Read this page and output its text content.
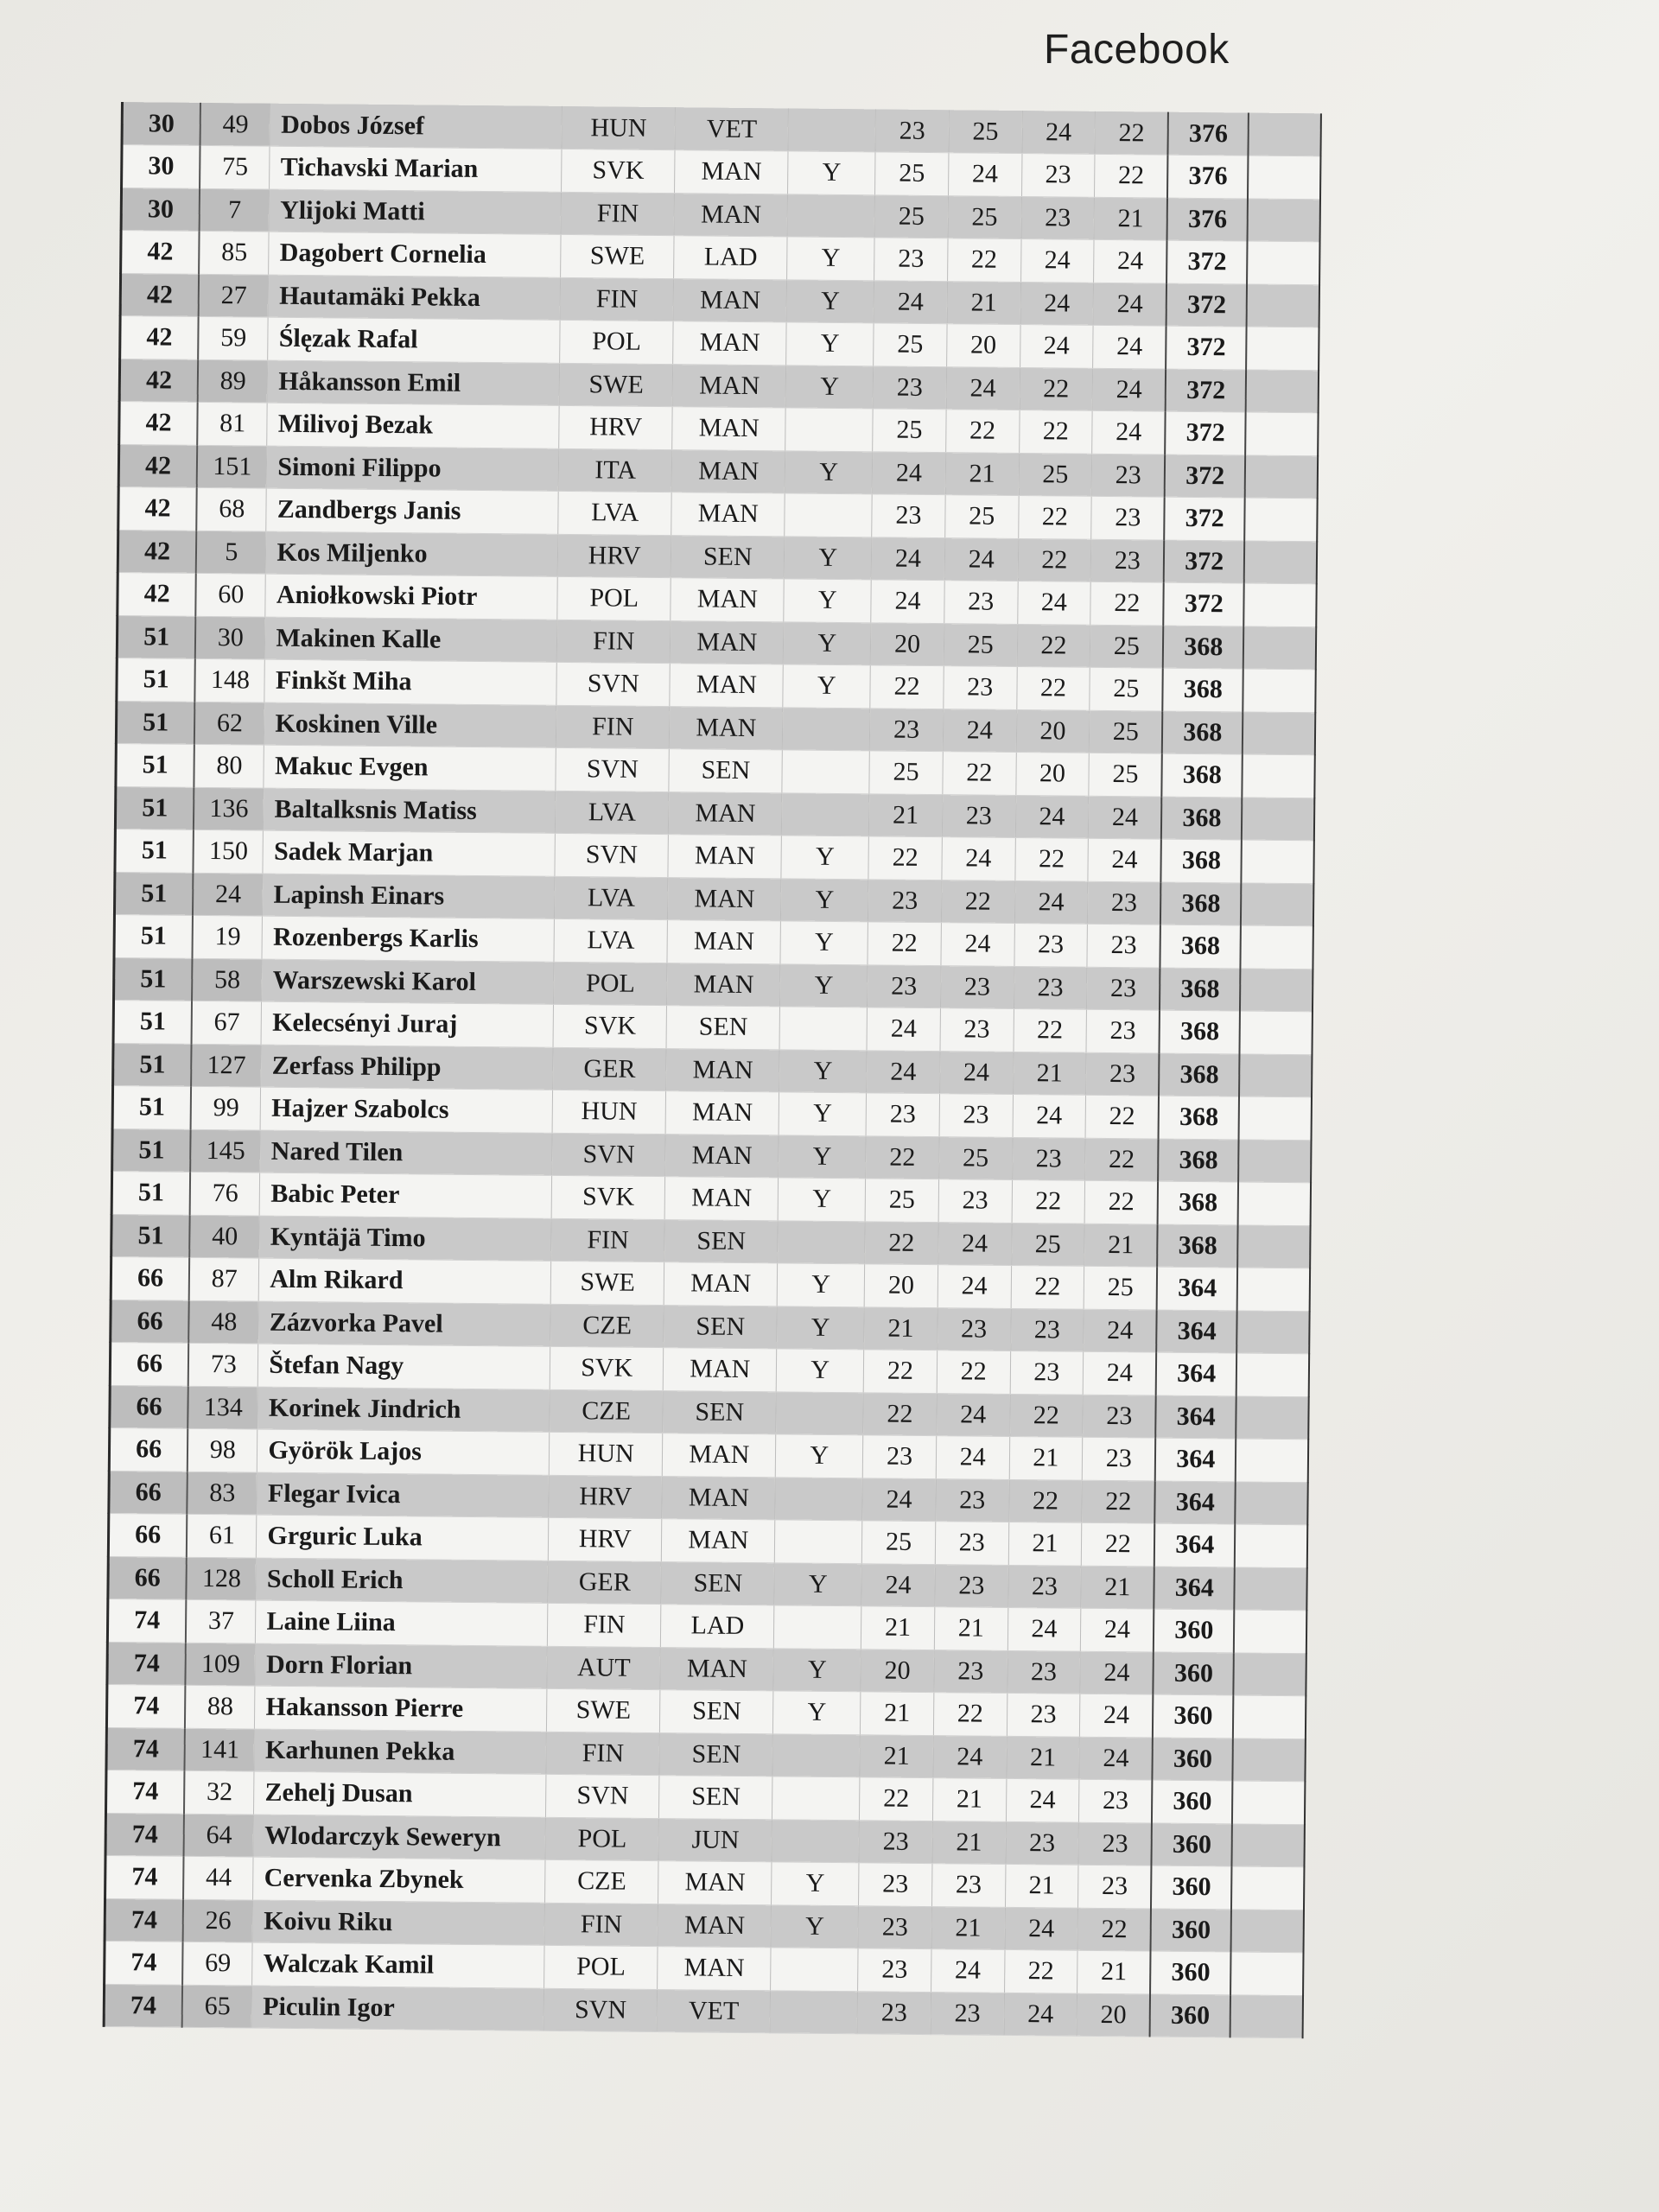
Facebook
30	49	Dobos József	HUN	VET		23	25	24	22	376	
30	75	Tichavski Marian	SVK	MAN	Y	25	24	23	22	376	
30	7	Ylijoki Matti	FIN	MAN		25	25	23	21	376	
42	85	Dagobert Cornelia	SWE	LAD	Y	23	22	24	24	372	
42	27	Hautamäki Pekka	FIN	MAN	Y	24	21	24	24	372	
42	59	Ślęzak Rafal	POL	MAN	Y	25	20	24	24	372	
42	89	Håkansson Emil	SWE	MAN	Y	23	24	22	24	372	
42	81	Milivoj Bezak	HRV	MAN		25	22	22	24	372	
42	151	Simoni Filippo	ITA	MAN	Y	24	21	25	23	372	
42	68	Zandbergs Janis	LVA	MAN		23	25	22	23	372	
42	5	Kos Miljenko	HRV	SEN	Y	24	24	22	23	372	
42	60	Aniołkowski Piotr	POL	MAN	Y	24	23	24	22	372	
51	30	Makinen Kalle	FIN	MAN	Y	20	25	22	25	368	
51	148	Finkšt Miha	SVN	MAN	Y	22	23	22	25	368	
51	62	Koskinen Ville	FIN	MAN		23	24	20	25	368	
51	80	Makuc Evgen	SVN	SEN		25	22	20	25	368	
51	136	Baltalksnis Matiss	LVA	MAN		21	23	24	24	368	
51	150	Sadek Marjan	SVN	MAN	Y	22	24	22	24	368	
51	24	Lapinsh Einars	LVA	MAN	Y	23	22	24	23	368	
51	19	Rozenbergs Karlis	LVA	MAN	Y	22	24	23	23	368	
51	58	Warszewski Karol	POL	MAN	Y	23	23	23	23	368	
51	67	Kelecsényi Juraj	SVK	SEN		24	23	22	23	368	
51	127	Zerfass Philipp	GER	MAN	Y	24	24	21	23	368	
51	99	Hajzer Szabolcs	HUN	MAN	Y	23	23	24	22	368	
51	145	Nared Tilen	SVN	MAN	Y	22	25	23	22	368	
51	76	Babic Peter	SVK	MAN	Y	25	23	22	22	368	
51	40	Kyntäjä Timo	FIN	SEN		22	24	25	21	368	
66	87	Alm Rikard	SWE	MAN	Y	20	24	22	25	364	
66	48	Zázvorka Pavel	CZE	SEN	Y	21	23	23	24	364	
66	73	Štefan Nagy	SVK	MAN	Y	22	22	23	24	364	
66	134	Korinek Jindrich	CZE	SEN		22	24	22	23	364	
66	98	Györök Lajos	HUN	MAN	Y	23	24	21	23	364	
66	83	Flegar Ivica	HRV	MAN		24	23	22	22	364	
66	61	Grguric Luka	HRV	MAN		25	23	21	22	364	
66	128	Scholl Erich	GER	SEN	Y	24	23	23	21	364	
74	37	Laine Liina	FIN	LAD		21	21	24	24	360	
74	109	Dorn Florian	AUT	MAN	Y	20	23	23	24	360	
74	88	Hakansson Pierre	SWE	SEN	Y	21	22	23	24	360	
74	141	Karhunen Pekka	FIN	SEN		21	24	21	24	360	
74	32	Zehelj Dusan	SVN	SEN		22	21	24	23	360	
74	64	Wlodarczyk Seweryn	POL	JUN		23	21	23	23	360	
74	44	Cervenka Zbynek	CZE	MAN	Y	23	23	21	23	360	
74	26	Koivu Riku	FIN	MAN	Y	23	21	24	22	360	
74	69	Walczak Kamil	POL	MAN		23	24	22	21	360	
74	65	Piculin Igor	SVN	VET		23	23	24	20	360	
